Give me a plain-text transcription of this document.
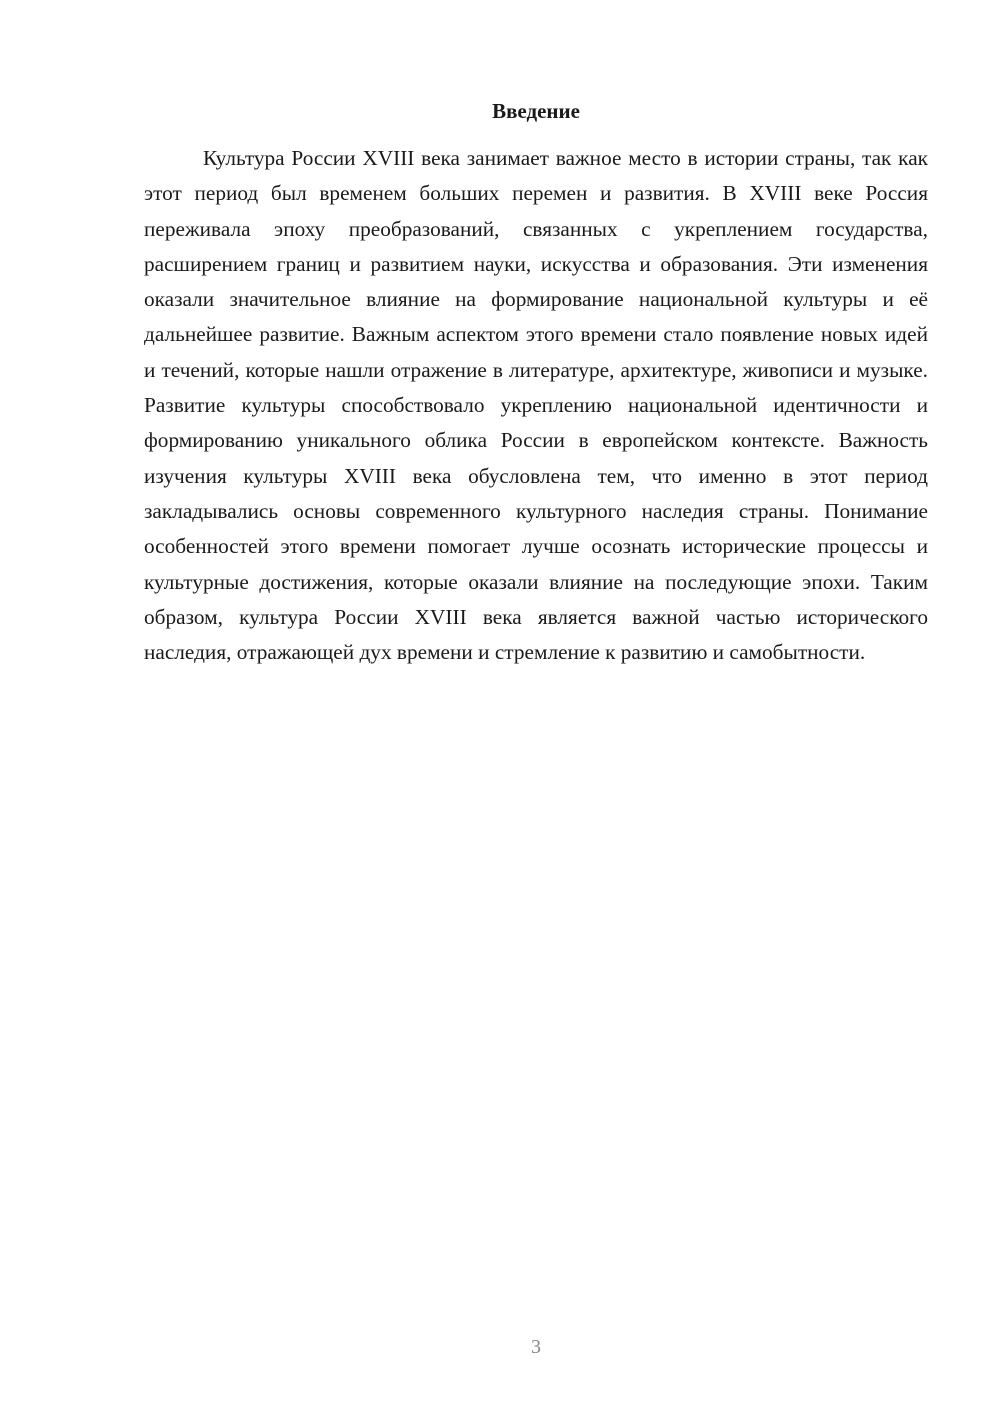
Введение

Культура России XVIII века занимает важное место в истории страны, так как этот период был временем больших перемен и развития. В XVIII веке Россия переживала эпоху преобразований, связанных с укреплением государства, расширением границ и развитием науки, искусства и образования. Эти изменения оказали значительное влияние на формирование национальной культуры и её дальнейшее развитие. Важным аспектом этого времени стало появление новых идей и течений, которые нашли отражение в литературе, архитектуре, живописи и музыке. Развитие культуры способствовало укреплению национальной идентичности и формированию уникального облика России в европейском контексте. Важность изучения культуры XVIII века обусловлена тем, что именно в этот период закладывались основы современного культурного наследия страны. Понимание особенностей этого времени помогает лучше осознать исторические процессы и культурные достижения, которые оказали влияние на последующие эпохи. Таким образом, культура России XVIII века является важной частью исторического наследия, отражающей дух времени и стремление к развитию и самобытности.

3
